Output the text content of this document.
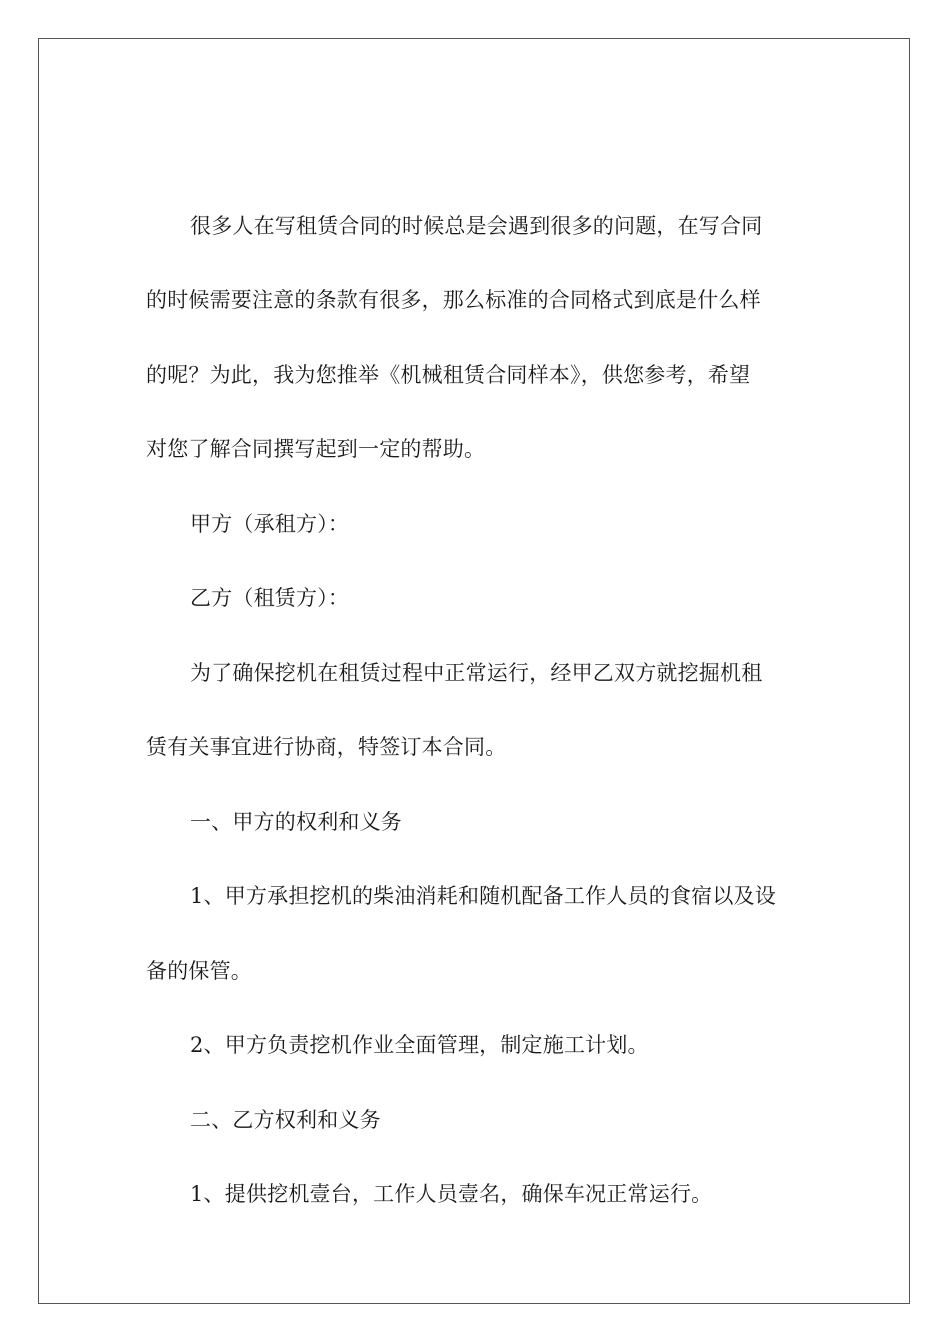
很多人在写租赁合同的时候总是会遇到很多的问题，在写合同
的时候需要注意的条款有很多，那么标准的合同格式到底是什么样
的呢？为此，我为您推举《机械租赁合同样本》，供您参考，希望
对您了解合同撰写起到一定的帮助。
甲方（承租方）：
乙方（租赁方）：
为了确保挖机在租赁过程中正常运行，经甲乙双方就挖掘机租
赁有关事宜进行协商，特签订本合同。
一、甲方的权利和义务
1、甲方承担挖机的柴油消耗和随机配备工作人员的食宿以及设
备的保管。
2、甲方负责挖机作业全面管理，制定施工计划。
二、乙方权利和义务
1、提供挖机壹台，工作人员壹名，确保车况正常运行。
